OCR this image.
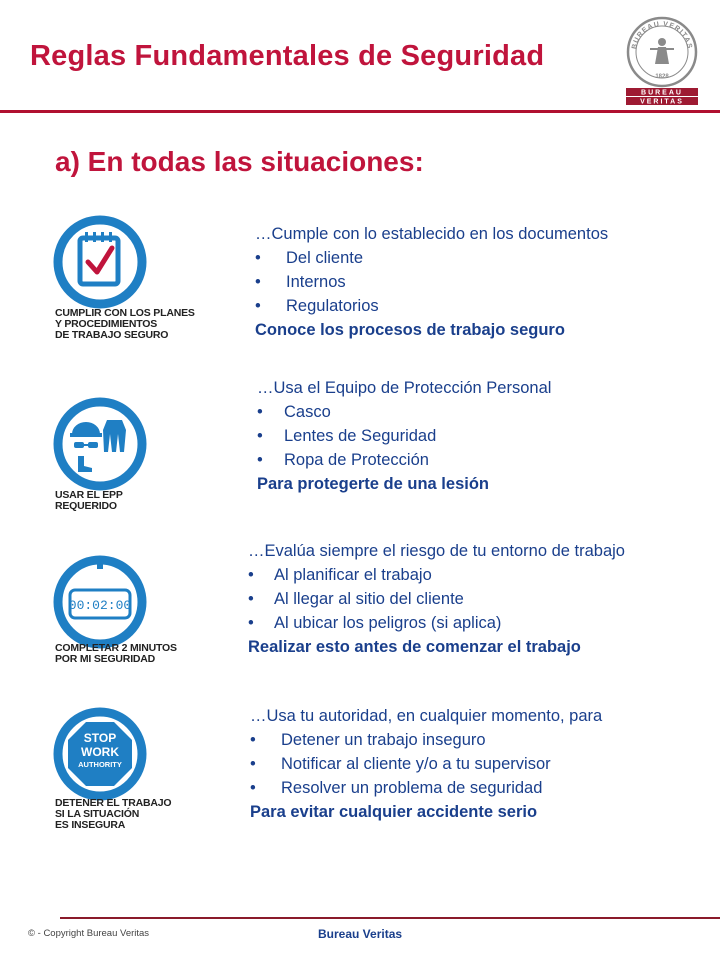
Reglas Fundamentales de Seguridad	BUREAU VERITAS
1828
BUREAU
VERITAS
a) En todas las situaciones:
CUMPLIR CON LOS PLANES
Y PROCEDIMIENTOS
DE TRABAJO SEGURO
…Cumple con lo establecido en los documentos
• Del cliente
• Internos
• Regulatorios
Conoce los procesos de trabajo seguro
USAR EL EPP
REQUERIDO
…Usa el Equipo de Protección Personal
• Casco
• Lentes de Seguridad
• Ropa de Protección
Para protegerte de una lesión
00:02:00
COMPLETAR 2 MINUTOS
POR MI SEGURIDAD
…Evalúa siempre el riesgo de tu entorno de trabajo
• Al planificar el trabajo
• Al llegar al sitio del cliente
• Al ubicar los peligros (si aplica)
Realizar esto antes de comenzar el trabajo
STOP
WORK
AUTHORITY
DETENER EL TRABAJO
SI LA SITUACIÓN
ES INSEGURA
…Usa tu autoridad, en cualquier momento, para
• Detener un trabajo inseguro
• Notificar al cliente y/o a tu supervisor
• Resolver un problema de seguridad
Para evitar cualquier accidente serio
© - Copyright Bureau Veritas	Bureau Veritas
